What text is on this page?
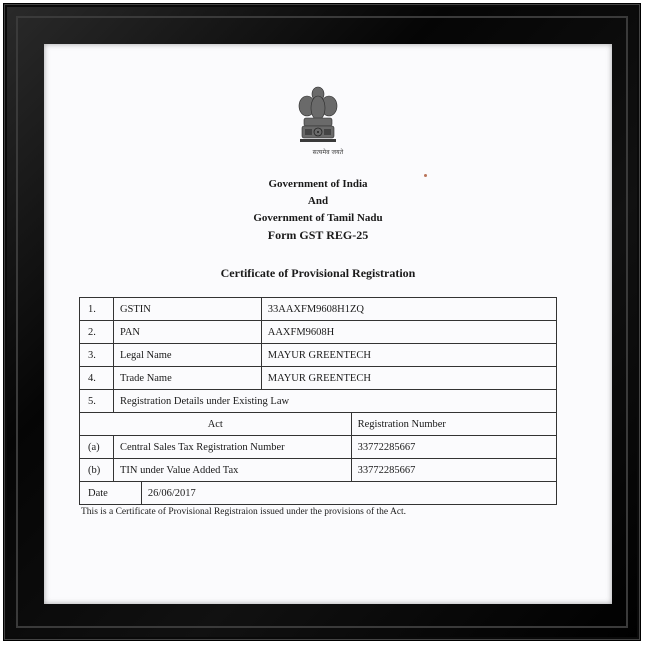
सत्यमेव जयते
Government of India
And
Government of Tamil Nadu
Form GST REG-25
Certificate of Provisional Registration
1.	GSTIN		33AAXFM9608H1ZQ	
2.	PAN		AAXFM9608H	
3.	Legal Name		MAYUR GREENTECH	
4.	Trade Name		MAYUR GREENTECH	
5.	Registration Details under Existing Law			
Act				Registration Number
(a)	Central Sales Tax Registration Number			33772285667
(b)	TIN under Value Added Tax			33772285667
Date		26/06/2017		
This is a Certificate of Provisional Registraion issued under the provisions of the Act.
